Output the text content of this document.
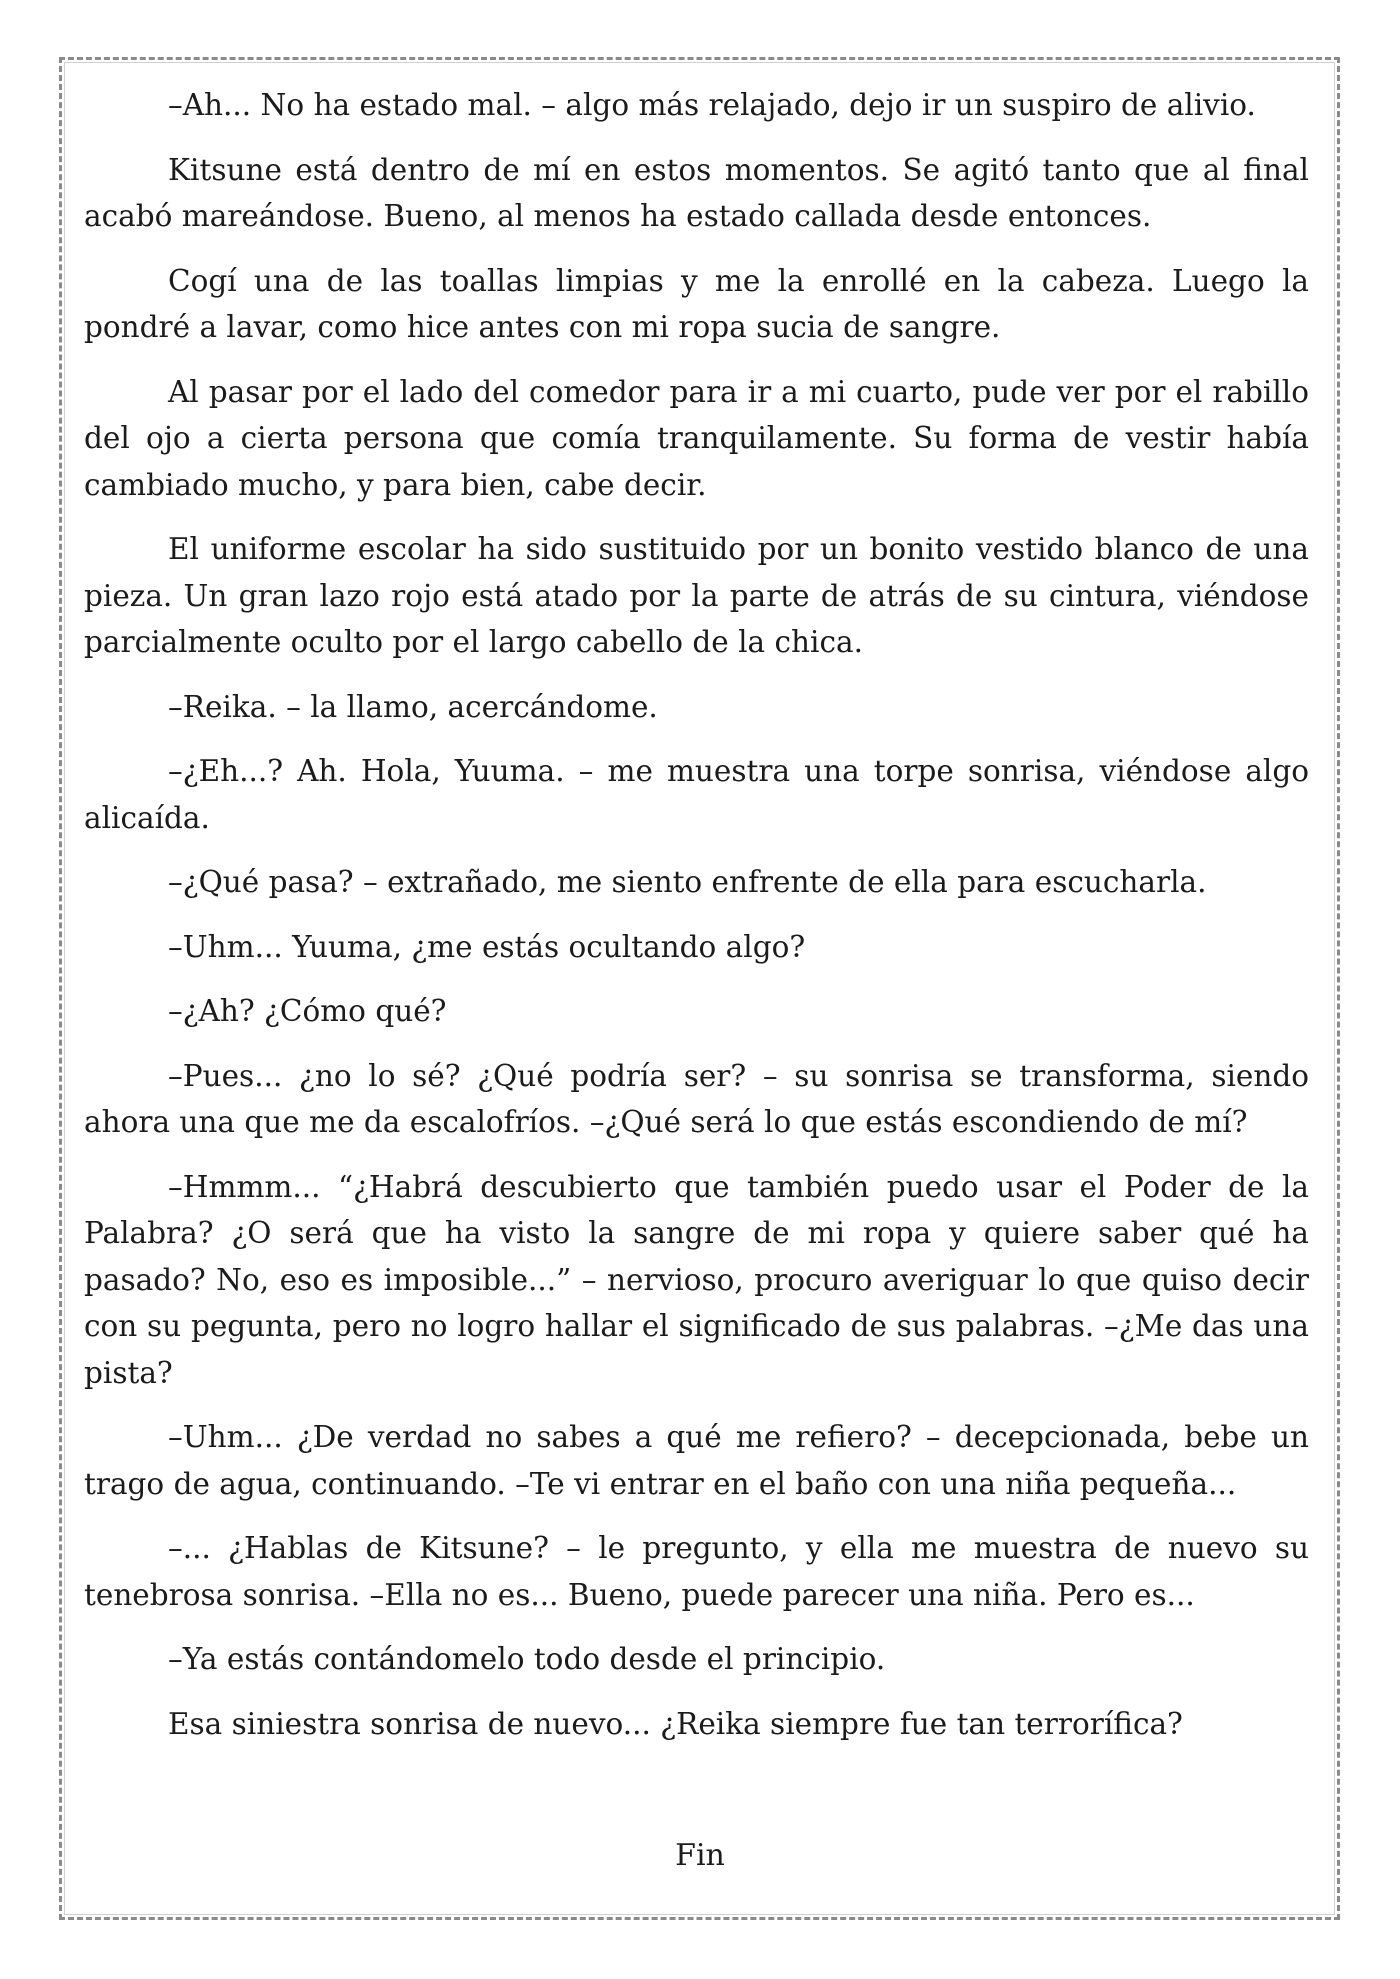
–Ah... No ha estado mal. – algo más relajado, dejo ir un suspiro de alivio.

Kitsune está dentro de mí en estos momentos. Se agitó tanto que al final acabó mareándose. Bueno, al menos ha estado callada desde entonces.

Cogí una de las toallas limpias y me la enrollé en la cabeza. Luego la pondré a lavar, como hice antes con mi ropa sucia de sangre.

Al pasar por el lado del comedor para ir a mi cuarto, pude ver por el rabillo del ojo a cierta persona que comía tranquilamente. Su forma de vestir había cambiado mucho, y para bien, cabe decir.

El uniforme escolar ha sido sustituido por un bonito vestido blanco de una pieza. Un gran lazo rojo está atado por la parte de atrás de su cintura, viéndose parcialmente oculto por el largo cabello de la chica.

–Reika. – la llamo, acercándome.

–¿Eh...? Ah. Hola, Yuuma. – me muestra una torpe sonrisa, viéndose algo alicaída.

–¿Qué pasa? – extrañado, me siento enfrente de ella para escucharla.

–Uhm... Yuuma, ¿me estás ocultando algo?

–¿Ah? ¿Cómo qué?

–Pues... ¿no lo sé? ¿Qué podría ser? – su sonrisa se transforma, siendo ahora una que me da escalofríos. –¿Qué será lo que estás escondiendo de mí?

–Hmmm... “¿Habrá descubierto que también puedo usar el Poder de la Palabra? ¿O será que ha visto la sangre de mi ropa y quiere saber qué ha pasado? No, eso es imposible...” – nervioso, procuro averiguar lo que quiso decir con su pegunta, pero no logro hallar el significado de sus palabras. –¿Me das una pista?

–Uhm... ¿De verdad no sabes a qué me refiero? – decepcionada, bebe un trago de agua, continuando. –Te vi entrar en el baño con una niña pequeña...

–... ¿Hablas de Kitsune? – le pregunto, y ella me muestra de nuevo su tenebrosa sonrisa. –Ella no es... Bueno, puede parecer una niña. Pero es...

–Ya estás contándomelo todo desde el principio.

Esa siniestra sonrisa de nuevo... ¿Reika siempre fue tan terrorífica?

Fin
